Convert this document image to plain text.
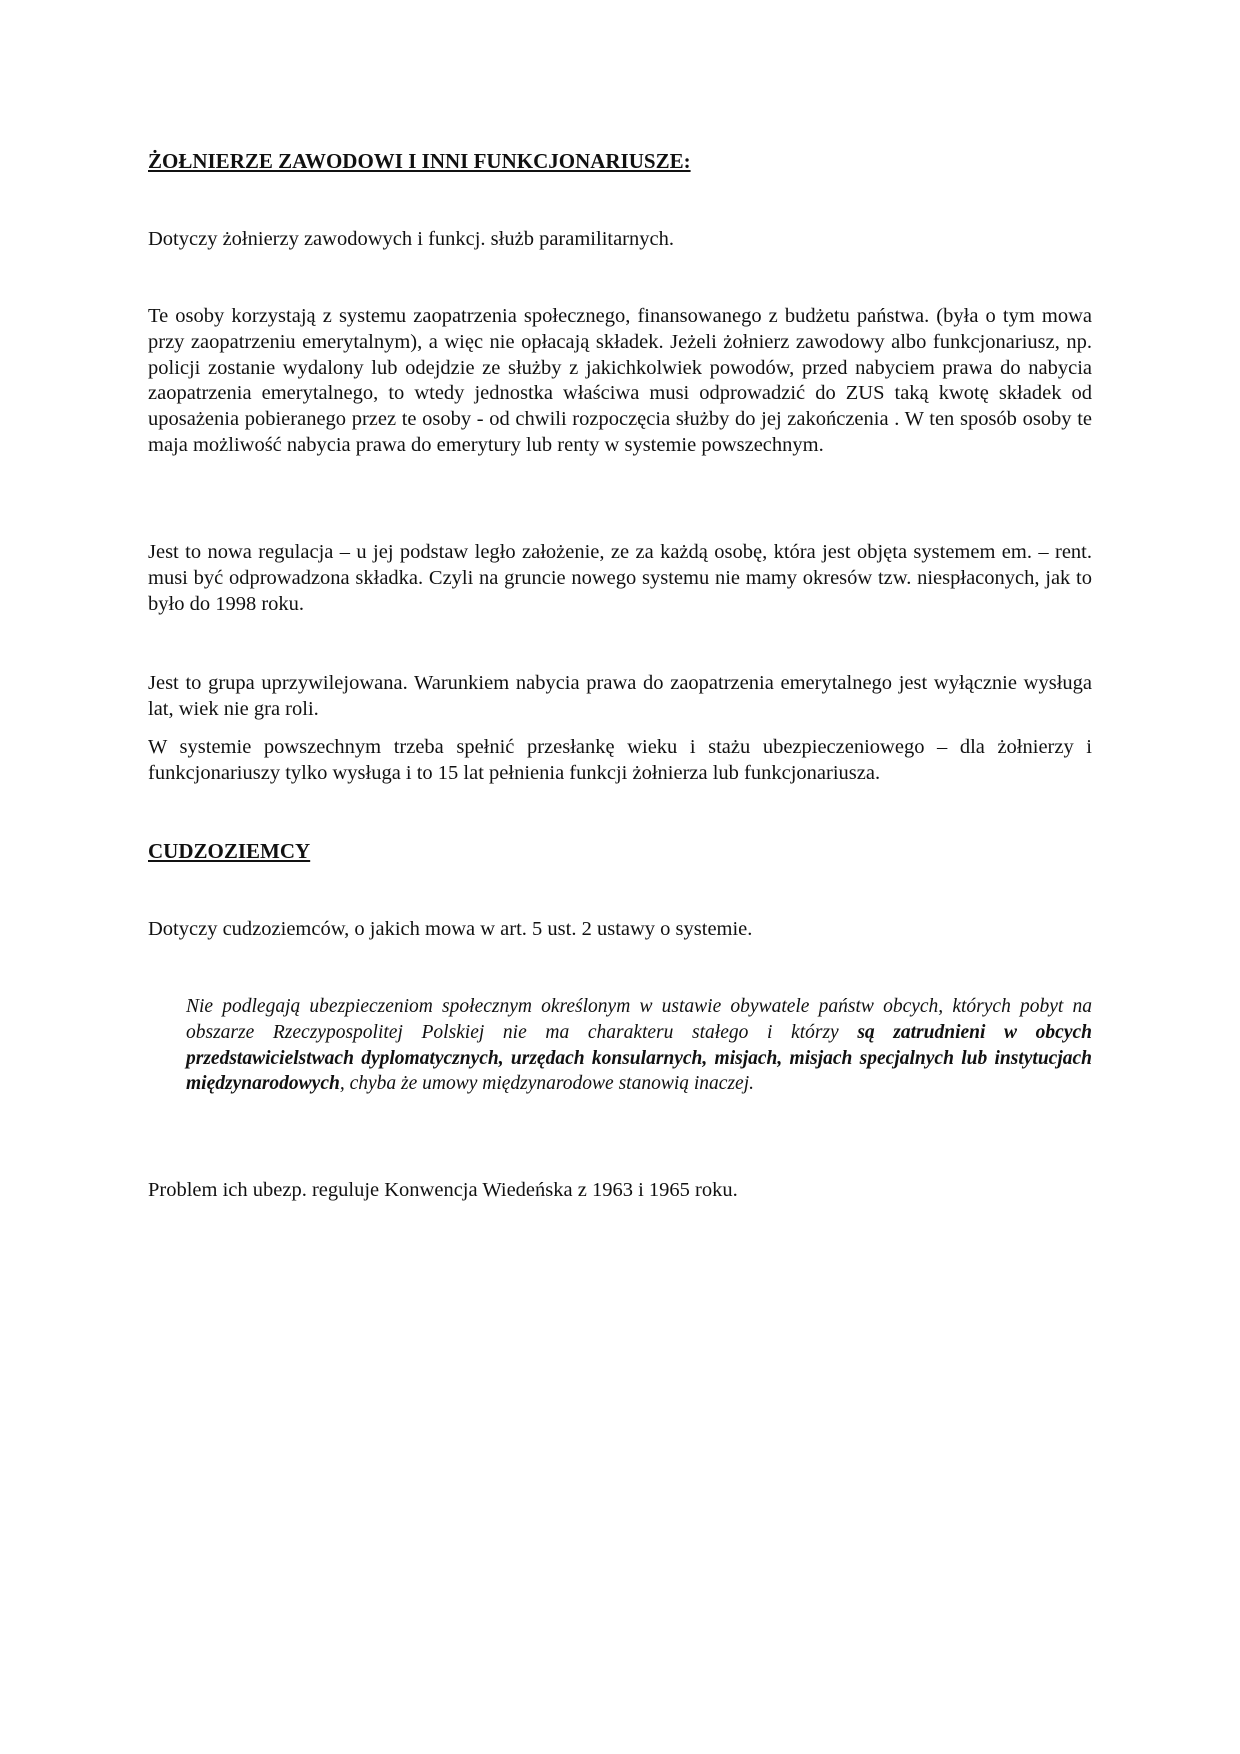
ŻOŁNIERZE ZAWODOWI I INNI FUNKCJONARIUSZE:
Dotyczy żołnierzy zawodowych i funkcj. służb paramilitarnych.
Te osoby korzystają z systemu zaopatrzenia społecznego, finansowanego z budżetu państwa. (była o tym mowa przy zaopatrzeniu emerytalnym), a więc nie opłacają składek. Jeżeli żołnierz zawodowy albo funkcjonariusz, np. policji zostanie wydalony lub odejdzie ze służby z jakichkolwiek powodów, przed nabyciem prawa do nabycia zaopatrzenia emerytalnego, to wtedy jednostka właściwa musi odprowadzić do ZUS taką kwotę składek od uposażenia pobieranego przez te osoby - od chwili rozpoczęcia służby do jej zakończenia . W ten sposób osoby te maja możliwość nabycia prawa do emerytury lub renty w systemie powszechnym.
Jest to nowa regulacja – u jej podstaw legło założenie, ze za każdą osobę, która jest objęta systemem em. – rent. musi być odprowadzona składka. Czyli na gruncie nowego systemu nie mamy okresów tzw. niespłaconych, jak to było do 1998 roku.
Jest to grupa uprzywilejowana. Warunkiem nabycia prawa do zaopatrzenia emerytalnego jest wyłącznie wysługa lat, wiek nie gra roli.
W systemie powszechnym trzeba spełnić przesłankę wieku i stażu ubezpieczeniowego – dla żołnierzy i funkcjonariuszy tylko wysługa i to 15 lat pełnienia funkcji żołnierza lub funkcjonariusza.
CUDZOZIEMCY
Dotyczy cudzoziemców, o jakich mowa w art. 5 ust. 2 ustawy o systemie.
Nie podlegają ubezpieczeniom społecznym określonym w ustawie obywatele państw obcych, których pobyt na obszarze Rzeczypospolitej Polskiej nie ma charakteru stałego i którzy są zatrudnieni w obcych przedstawicielstwach dyplomatycznych, urzędach konsularnych, misjach, misjach specjalnych lub instytucjach międzynarodowych, chyba że umowy międzynarodowe stanowią inaczej.
Problem ich ubezp. reguluje Konwencja Wiedeńska z 1963 i 1965 roku.
